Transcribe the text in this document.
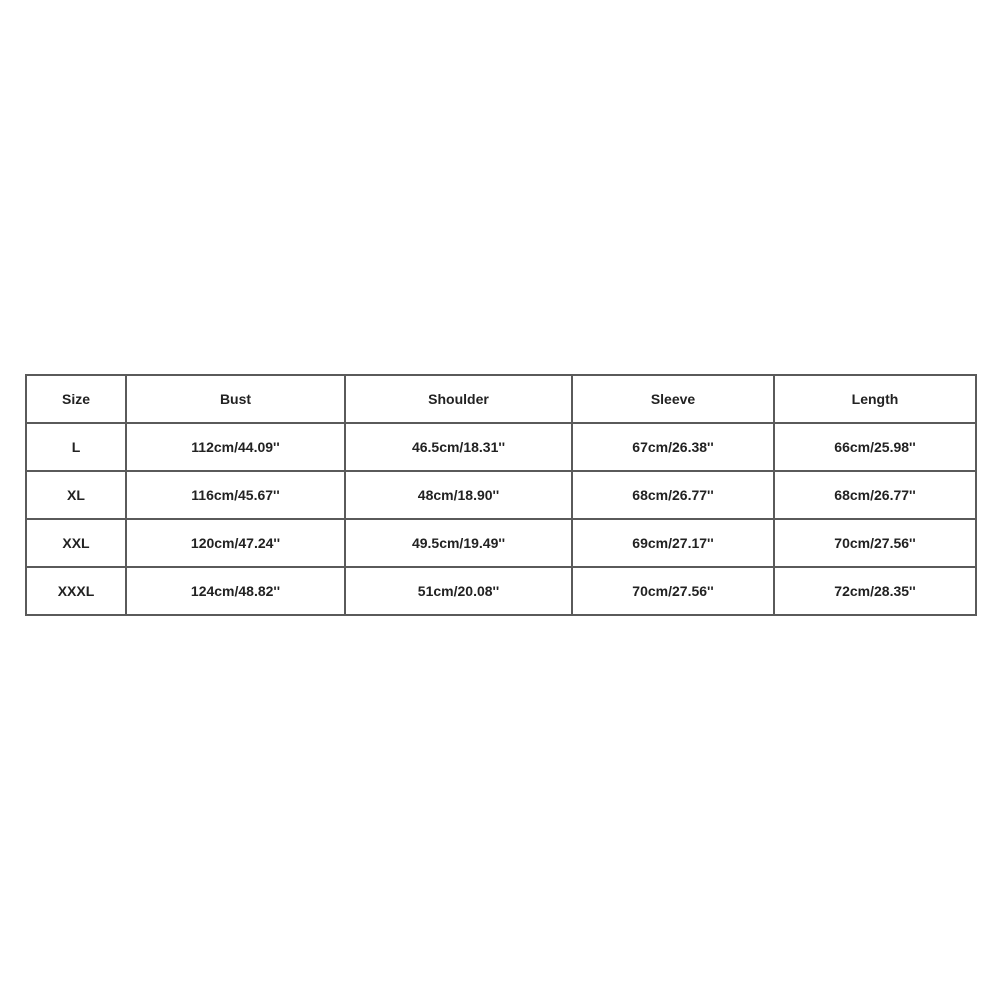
Size	Bust	Shoulder	Sleeve	Length
L	112cm/44.09''	46.5cm/18.31''	67cm/26.38''	66cm/25.98''
XL	116cm/45.67''	48cm/18.90''	68cm/26.77''	68cm/26.77''
XXL	120cm/47.24''	49.5cm/19.49''	69cm/27.17''	70cm/27.56''
XXXL	124cm/48.82''	51cm/20.08''	70cm/27.56''	72cm/28.35''
